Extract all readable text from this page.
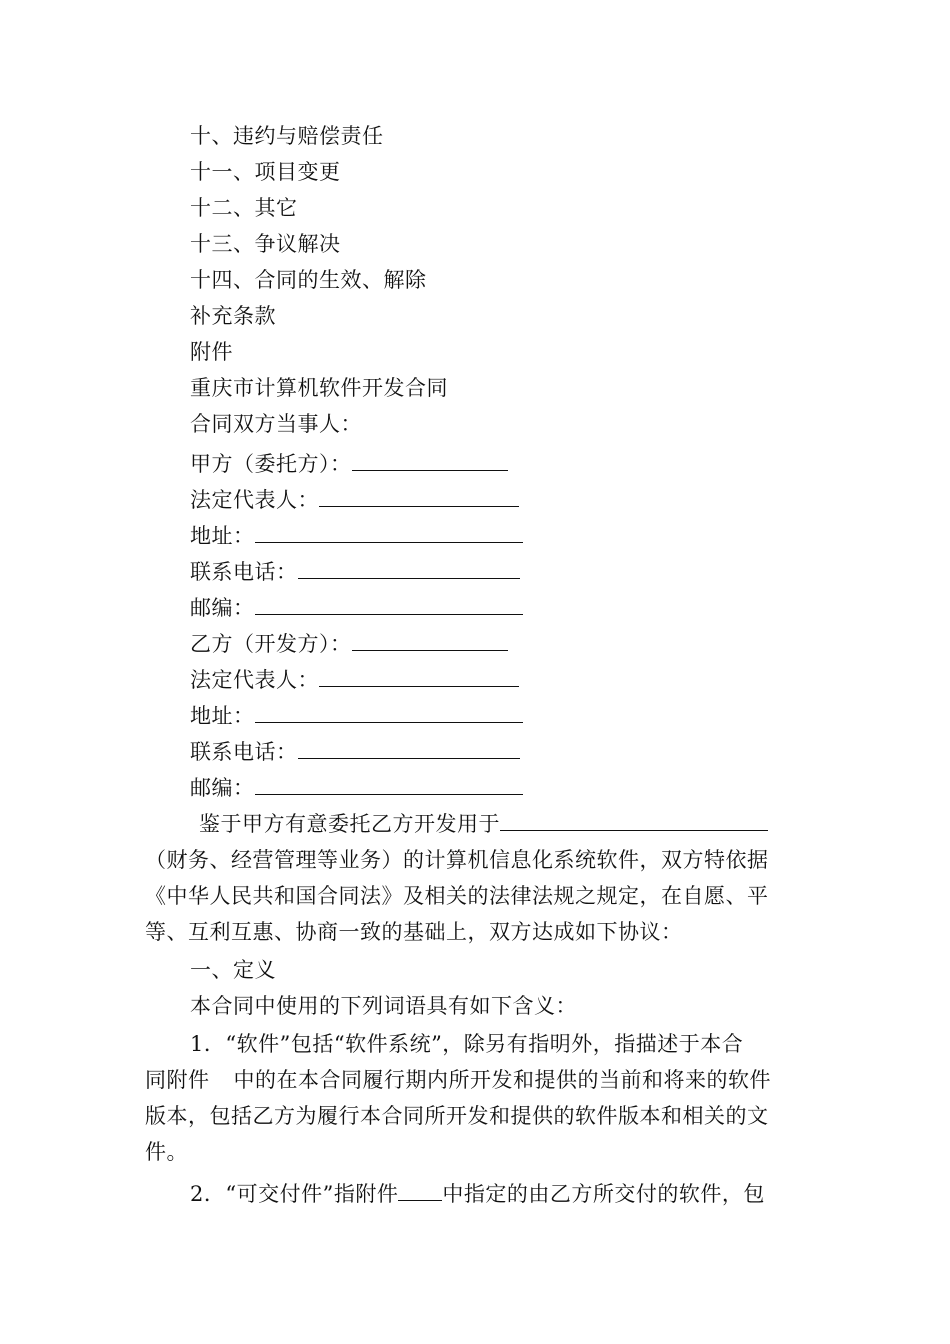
十、违约与赔偿责任
十一、项目变更
十二、其它
十三、争议解决
十四、合同的生效、解除
补充条款
附件
重庆市计算机软件开发合同
合同双方当事人：
甲方（委托方）：
法定代表人：
地址：
联系电话：
邮编：
乙方（开发方）：
法定代表人：
地址：
联系电话：
邮编：
鉴于甲方有意委托乙方开发用于
（财务、经营管理等业务）的计算机信息化系统软件，双方特依据
《中华人民共和国合同法》及相关的法律法规之规定，在自愿、平
等、互利互惠、协商一致的基础上，双方达成如下协议：
一、定义
本合同中使用的下列词语具有如下含义：
1．“软件”包括“软件系统”，除另有指明外，指描述于本合
同附件 中的在本合同履行期内所开发和提供的当前和将来的软件
版本，包括乙方为履行本合同所开发和提供的软件版本和相关的文
件。
2．“可交付件”指附件 中指定的由乙方所交付的软件，包
